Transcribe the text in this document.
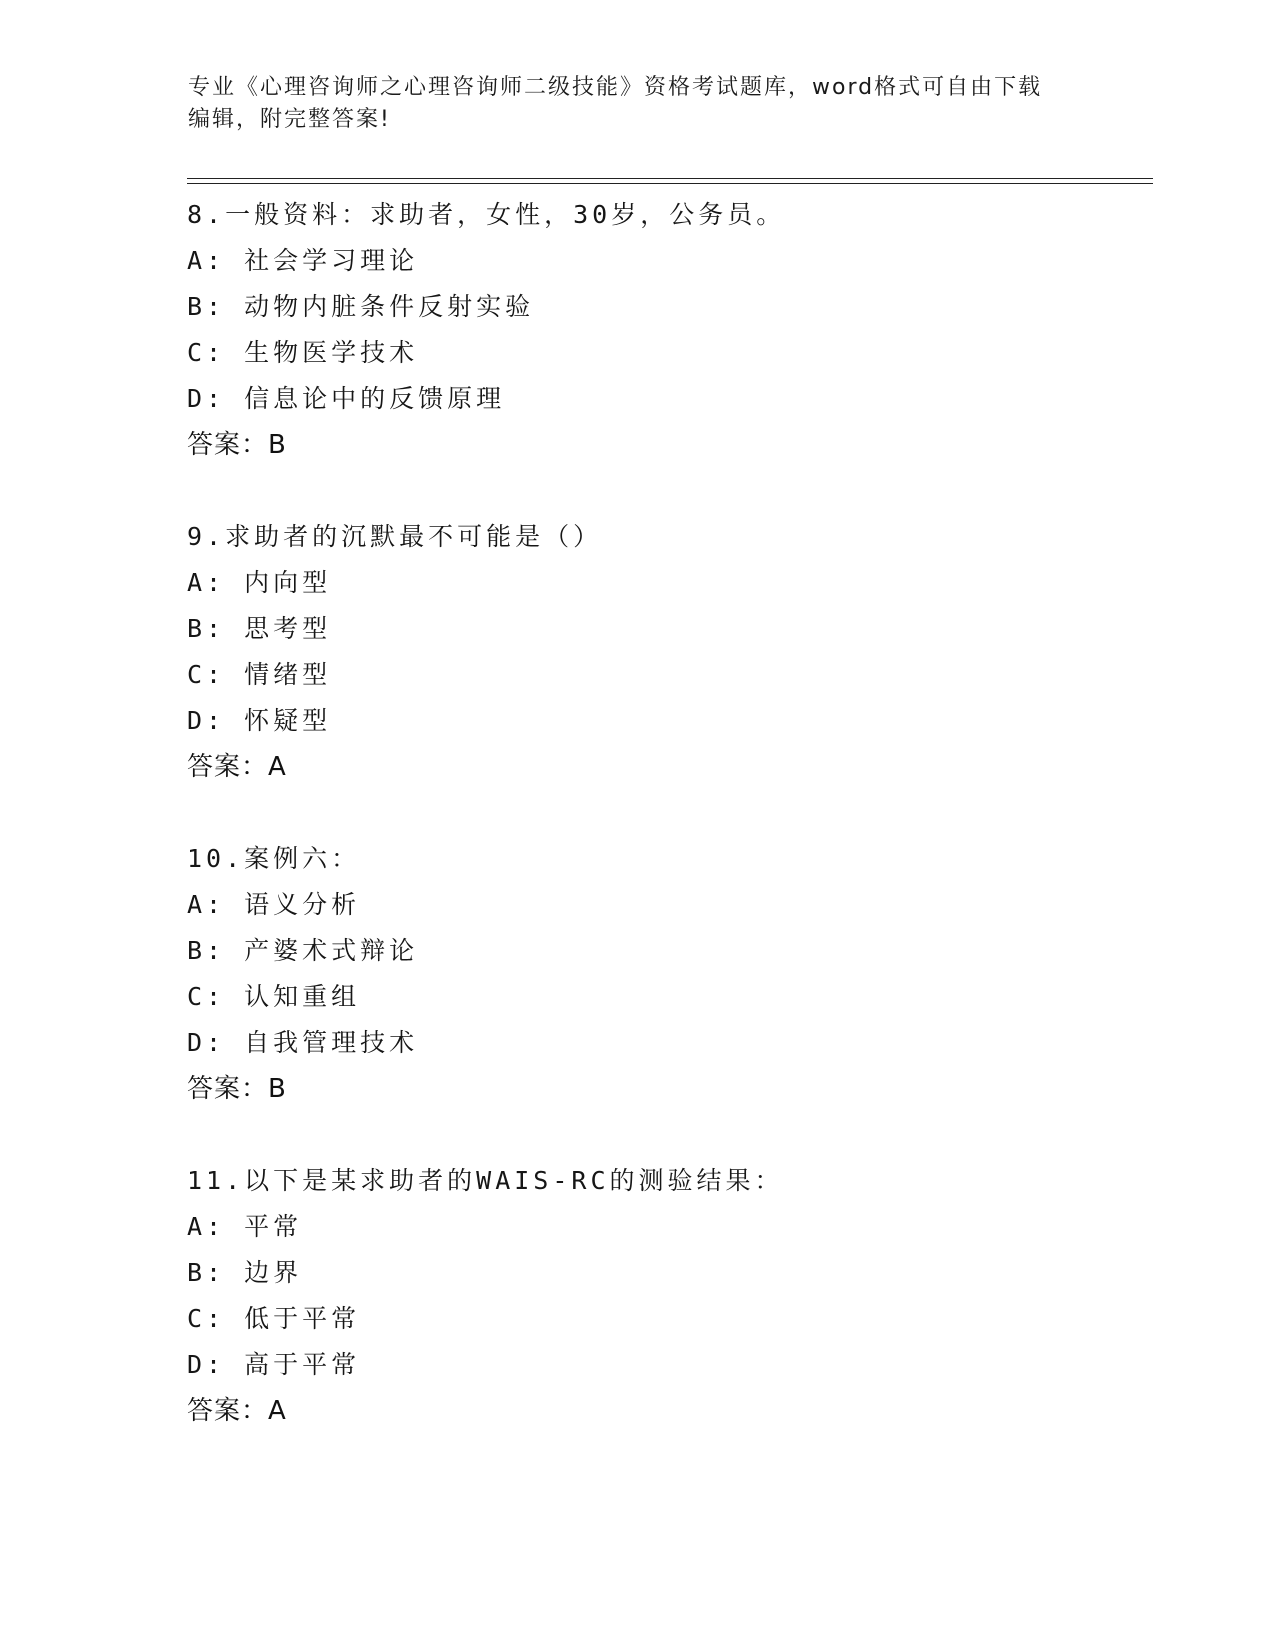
专业《心理咨询师之心理咨询师二级技能》资格考试题库，word格式可自由下载
编辑，附完整答案!
8.一般资料：求助者，女性，30岁，公务员。
A: 社会学习理论
B: 动物内脏条件反射实验
C: 生物医学技术
D: 信息论中的反馈原理
答案：B
9.求助者的沉默最不可能是（）
A: 内向型
B: 思考型
C: 情绪型
D: 怀疑型
答案：A
10.案例六：
A: 语义分析
B: 产婆术式辩论
C: 认知重组
D: 自我管理技术
答案：B
11.以下是某求助者的WAIS-RC的测验结果：
A: 平常
B: 边界
C: 低于平常
D: 高于平常
答案：A
